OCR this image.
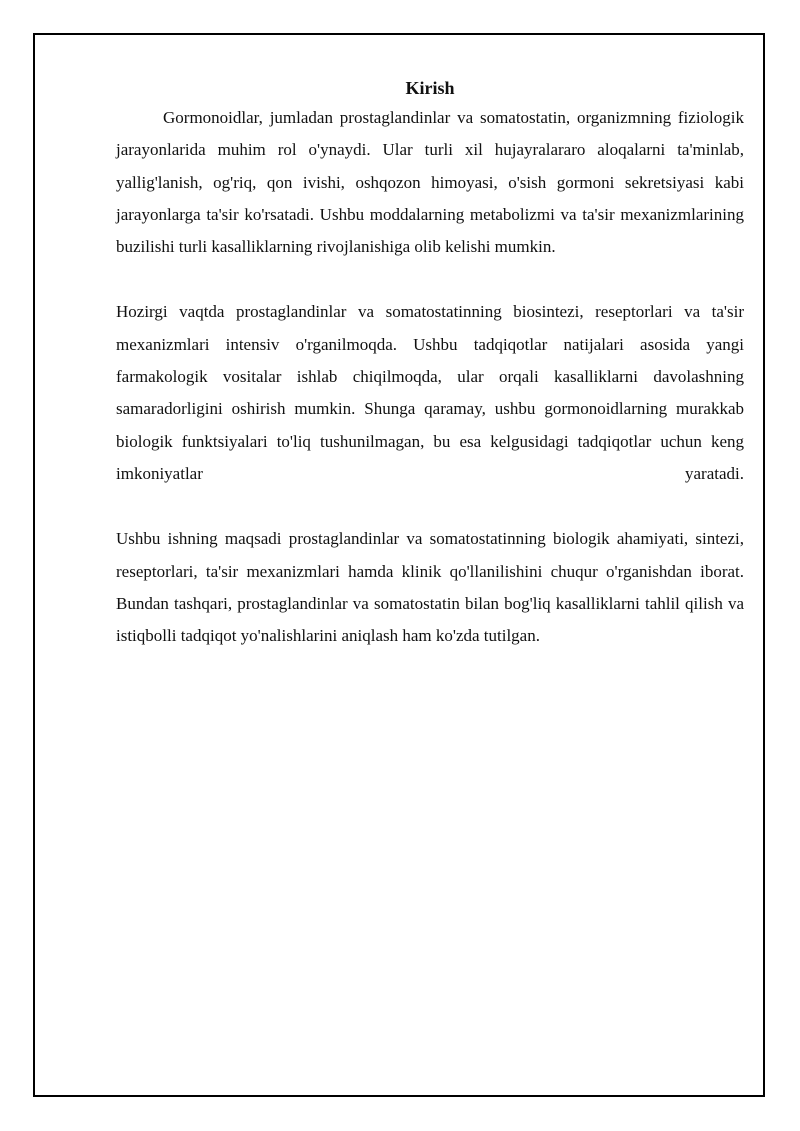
Kirish

Gormonoidlar, jumladan prostaglandinlar va somatostatin, organizmning fiziologik jarayonlarida muhim rol o'ynaydi. Ular turli xil hujayralararo aloqalarni ta'minlab, yallig'lanish, og'riq, qon ivishi, oshqozon himoyasi, o'sish gormoni sekretsiyasi kabi jarayonlarga ta'sir ko'rsatadi. Ushbu moddalarning metabolizmi va ta'sir mexanizmlarining buzilishi turli kasalliklarning rivojlanishiga olib kelishi mumkin.

Hozirgi vaqtda prostaglandinlar va somatostatinning biosintezi, reseptorlari va ta'sir mexanizmlari intensiv o'rganilmoqda. Ushbu tadqiqotlar natijalari asosida yangi farmakologik vositalar ishlab chiqilmoqda, ular orqali kasalliklarni davolashning samaradorligini oshirish mumkin. Shunga qaramay, ushbu gormonoidlarning murakkab biologik funktsiyalari to'liq tushunilmagan, bu esa kelgusidagi tadqiqotlar uchun keng imkoniyatlar yaratadi.

Ushbu ishning maqsadi prostaglandinlar va somatostatinning biologik ahamiyati, sintezi, reseptorlari, ta'sir mexanizmlari hamda klinik qo'llanilishini chuqur o'rganishdan iborat. Bundan tashqari, prostaglandinlar va somatostatin bilan bog'liq kasalliklarni tahlil qilish va istiqbolli tadqiqot yo'nalishlarini aniqlash ham ko'zda tutilgan.
